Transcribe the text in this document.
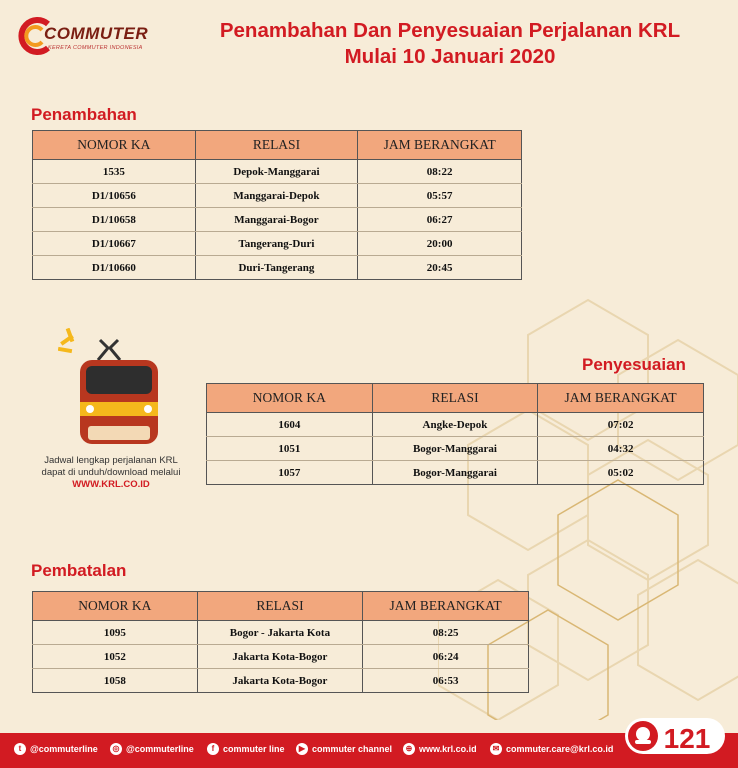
COMMUTER
KERETA COMMUTER INDONESIA
Penambahan Dan Penyesuaian Perjalanan KRL
Mulai 10 Januari 2020
Penambahan
NOMOR KA	RELASI	JAM BERANGKAT
1535	Depok-Manggarai	08:22
D1/10656	Manggarai-Depok	05:57
D1/10658	Manggarai-Bogor	06:27
D1/10667	Tangerang-Duri	20:00
D1/10660	Duri-Tangerang	20:45
Jadwal lengkap perjalanan KRL
dapat di unduh/download melalui
WWW.KRL.CO.ID
Penyesuaian
NOMOR KA	RELASI	JAM BERANGKAT
1604	Angke-Depok	07:02
1051	Bogor-Manggarai	04:32
1057	Bogor-Manggarai	05:02
Pembatalan
NOMOR KA	RELASI	JAM BERANGKAT
1095	Bogor - Jakarta Kota	08:25
1052	Jakarta Kota-Bogor	06:24
1058	Jakarta Kota-Bogor	06:53
t @commuterline	◎ @commuterline	f commuter line	▶ commuter channel	⊕ www.krl.co.id	✉ commuter.care@krl.co.id 121
